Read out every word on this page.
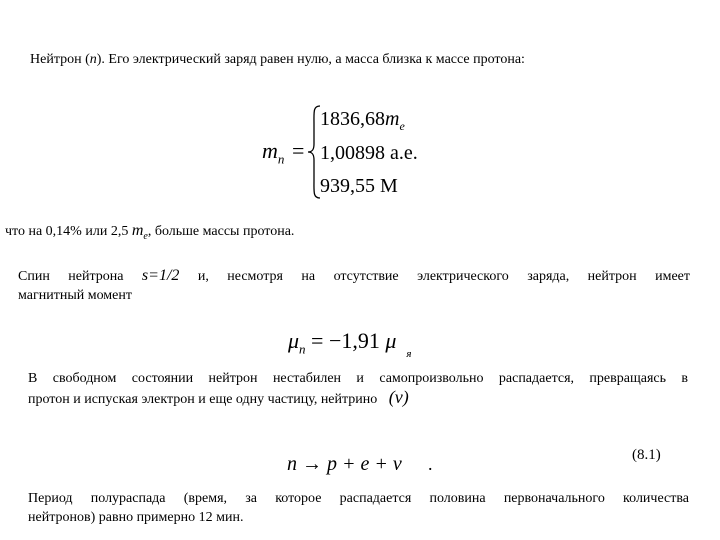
Нейтрон (n). Его электрический заряд равен нулю, а масса близка к массе протона:
$m_n$ =
$1836,68m_e$
1,00898 а.е.
939,55 M
что на 0,14% или 2,5 $m_e$, больше массы протона.
Спин нейтрона s=1/2 и, несмотря на отсутствие электрического заряда, нейтрон имеет
магнитный момент
$\mu_n = -1,91$ $\mu_я$
В свободном состоянии нейтрон нестабилен и самопроизвольно распадается, превращаясь в
протон и испуская электрон и еще одну частицу, нейтрино (ν)
n → p + e + ν .	(8.1)
Период полураспада (время, за которое распадается половина первоначального количества
нейтронов) равно примерно 12 мин.
